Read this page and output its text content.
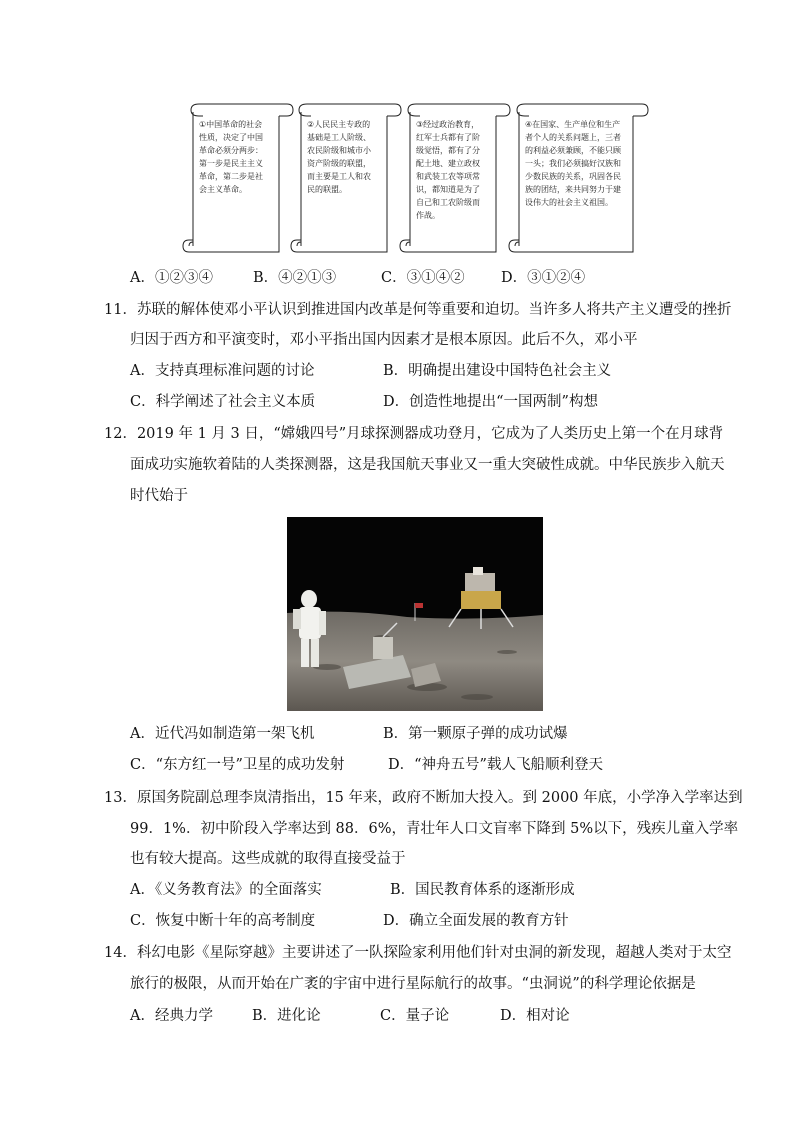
①中国革命的社会性质，决定了中国革命必须分两步：第一步是民主主义革命，第二步是社会主义革命。
②人民民主专政的基础是工人阶级、农民阶级和城市小资产阶级的联盟，而主要是工人和农民的联盟。
③经过政治教育，红军士兵都有了阶级觉悟，都有了分配土地、建立政权和武装工农等项常识，都知道是为了自己和工农阶级而作战。
④在国家、生产单位和生产者个人的关系问题上，三者的利益必须兼顾，不能只顾一头；我们必须搞好汉族和少数民族的关系，巩固各民族的团结，来共同努力于建设伟大的社会主义祖国。
A．①②③④	B．④②①③	C．③①④②	D．③①②④
11．苏联的解体使邓小平认识到推进国内改革是何等重要和迫切。当许多人将共产主义遭受的挫折
归因于西方和平演变时，邓小平指出国内因素才是根本原因。此后不久，邓小平
A．支持真理标准问题的讨论	B．明确提出建设中国特色社会主义
C．科学阐述了社会主义本质	D．创造性地提出“一国两制”构想
12．2019 年 1 月 3 日，“嫦娥四号”月球探测器成功登月，它成为了人类历史上第一个在月球背
面成功实施软着陆的人类探测器，这是我国航天事业又一重大突破性成就。中华民族步入航天
时代始于
A．近代冯如制造第一架飞机	B．第一颗原子弹的成功试爆
C．“东方红一号”卫星的成功发射	D．“神舟五号”载人飞船顺利登天
13．原国务院副总理李岚清指出，15 年来，政府不断加大投入。到 2000 年底，小学净入学率达到
99．1%．初中阶段入学率达到 88．6%，青壮年人口文盲率下降到 5%以下，残疾儿童入学率
也有较大提高。这些成就的取得直接受益于
A．《义务教育法》的全面落实	B．国民教育体系的逐渐形成
C．恢复中断十年的高考制度	D．确立全面发展的教育方针
14．科幻电影《星际穿越》主要讲述了一队探险家利用他们针对虫洞的新发现，超越人类对于太空
旅行的极限，从而开始在广袤的宇宙中进行星际航行的故事。“虫洞说”的科学理论依据是
A．经典力学	B．进化论	C．量子论	D．相对论
